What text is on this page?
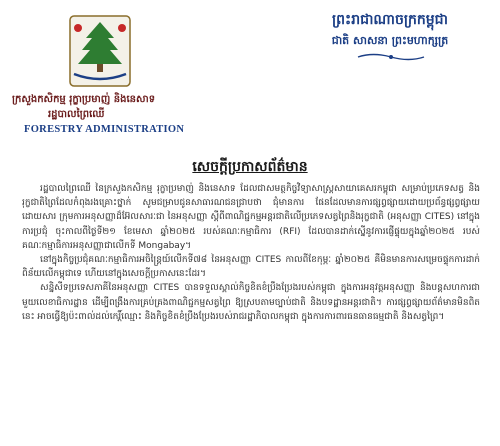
ក្រសួងកសិកម្ម រុក្ខាប្រមាញ់ និងនេសាទ
រដ្ឋបាលព្រៃឈើ
FORESTRY ADMINISTRATION
ព្រះរាជាណាចក្រកម្ពុជា
ជាតិ សាសនា ព្រះមហាក្សត្រ
សេចក្តីប្រកាសព័ត៌មាន

រដ្ឋបាលព្រៃឈើ នៃក្រសួងកសិកម្ម រុក្ខាប្រមាញ់ និងនេសាទ ដែលជាសមត្ថកិច្ចវិទ្យាសាស្ត្រសាយាគេសរកម្ពុជា សម្រាប់ប្រភេទសត្វ និងរុក្ខជាតិព្រៃដែលកំពុងរងគ្រោះថ្នាក់ សូមជម្រាបជូនសាធារណជនជ្រាបថា ជុំមានការ ផែនដែលមានការផ្សព្វផ្សាយដោយប្រព័ន្ធផ្សព្វផ្សាយ ដោយសារ ក្រុមការអនុសញ្ញាដ៏អ៊ែលសារៈជា នៃអនុសញ្ញា ស្តីពីពាណិជ្ជកម្មអន្តរជាតិលើប្រភេទសត្វព្រៃនិងរុក្ខជាតិ (អនុសញ្ញា CITES) នៅក្នុងការប្រជុំ ចុះកាលពីថ្ងៃទី២១ ខែមេសា ឆ្នាំ២០២៥ របស់គណៈកម្មាធិការ (RFI) ដែលបានដាក់ស្នើនូវការផ្ញើផ្ទុយក្នុងឆ្នាំ២០២៥ របស់គណៈកម្មាធិការអនុសញ្ញាជាលើកទី Mongabay។

នៅក្នុងកិច្ចប្រជុំគណៈកម្មាធិការអចិន្ត្រៃយ៍លើកទី៧៨ នៃអនុសញ្ញា CITES កាលពីខែកុម្ភៈ ឆ្នាំ២០២៥ គឺមិនមានការសម្រេចផ្ទុកការដាក់ពិន័យលើកម្ពុជាទេ ហើយនៅក្នុងសេចក្តីប្រកាសនេះដែរ។

សន្និសីទប្រទេសភាគីនៃអនុសញ្ញា CITES បានទទួលស្គាល់កិច្ចខិតខំប្រឹងប្រែងរបស់កម្ពុជា ក្នុងការអនុវត្តអនុសញ្ញា និងបន្តសហការជាមួយលេខាធិការដ្ឋាន ដើម្បីពង្រឹងការគ្រប់គ្រងពាណិជ្ជកម្មសត្វព្រៃ ឱ្យស្របតាមច្បាប់ជាតិ និងបទដ្ឋានអន្តរជាតិ។ ការផ្សព្វផ្សាយព័ត៌មានមិនពិតនេះ អាចធ្វើឱ្យប៉ះពាល់ដល់កេរ្តិ៍ឈ្មោះ និងកិច្ចខិតខំប្រឹងប្រែងរបស់រាជរដ្ឋាភិបាលកម្ពុជា ក្នុងការការពារធនធានធម្មជាតិ និងសត្វព្រៃ។
